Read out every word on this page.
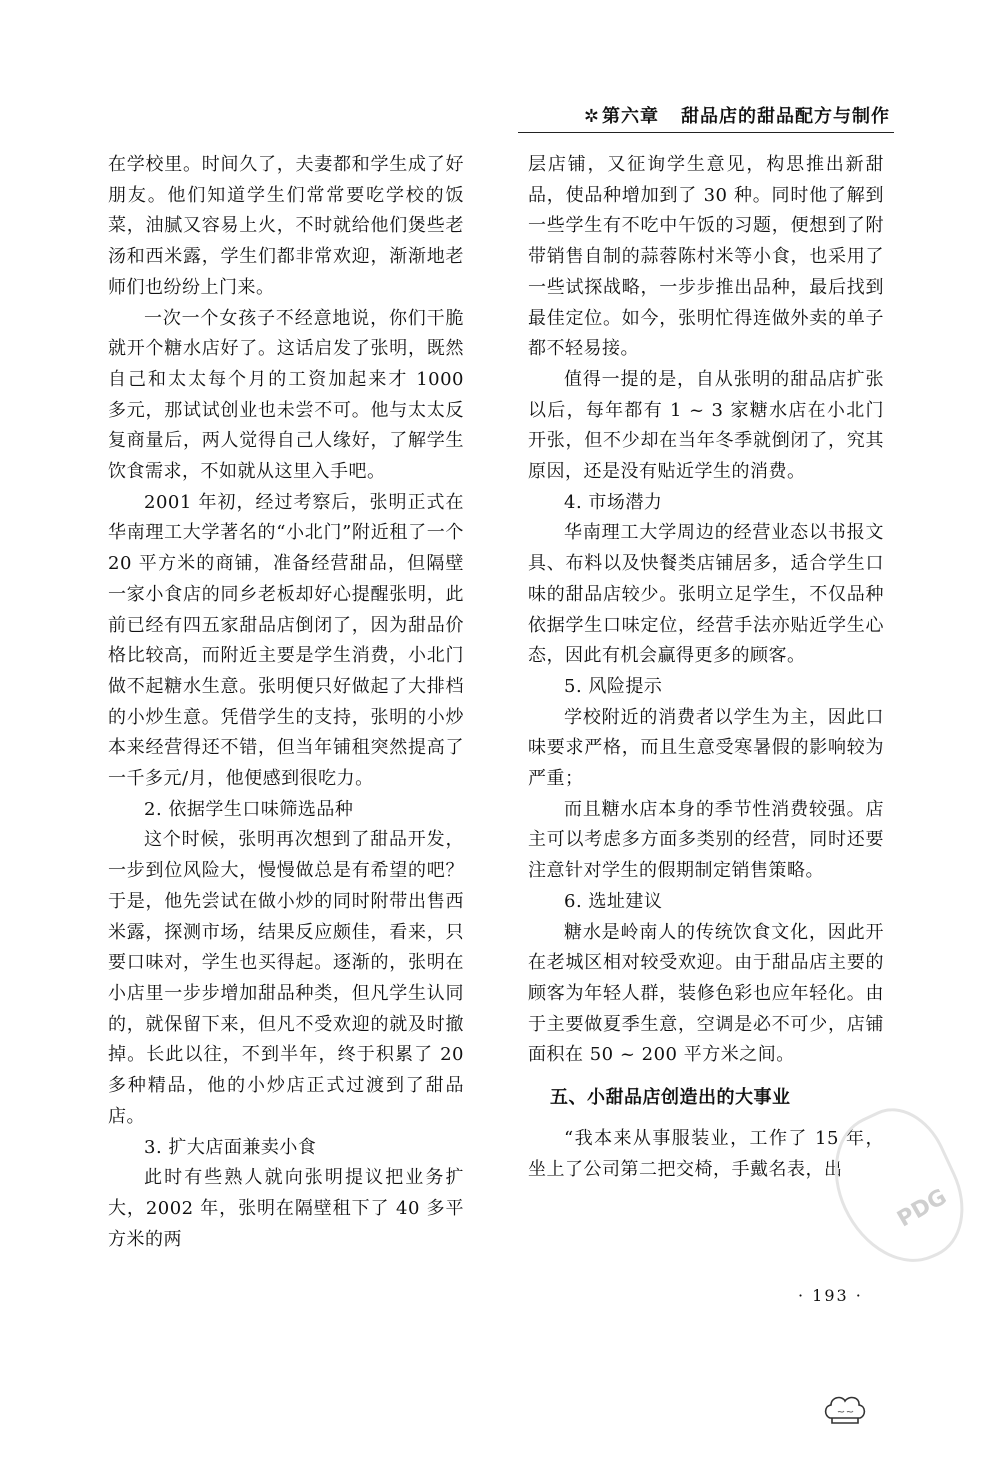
✲ 第六章 甜品店的甜品配方与制作

在学校里。时间久了，夫妻都和学生成了好朋友。他们知道学生们常常要吃学校的饭菜，油腻又容易上火，不时就给他们煲些老汤和西米露，学生们都非常欢迎，渐渐地老师们也纷纷上门来。

一次一个女孩子不经意地说，你们干脆就开个糖水店好了。这话启发了张明，既然自己和太太每个月的工资加起来才 1000 多元，那试试创业也未尝不可。他与太太反复商量后，两人觉得自己人缘好，了解学生饮食需求，不如就从这里入手吧。

2001 年初，经过考察后，张明正式在华南理工大学著名的“小北门”附近租了一个 20 平方米的商铺，准备经营甜品，但隔壁一家小食店的同乡老板却好心提醒张明，此前已经有四五家甜品店倒闭了，因为甜品价格比较高，而附近主要是学生消费，小北门做不起糖水生意。张明便只好做起了大排档的小炒生意。凭借学生的支持，张明的小炒本来经营得还不错，但当年铺租突然提高了一千多元/月，他便感到很吃力。

2. 依据学生口味筛选品种

这个时候，张明再次想到了甜品开发，一步到位风险大，慢慢做总是有希望的吧？于是，他先尝试在做小炒的同时附带出售西米露，探测市场，结果反应颇佳，看来，只要口味对，学生也买得起。逐渐的，张明在小店里一步步增加甜品种类，但凡学生认同的，就保留下来，但凡不受欢迎的就及时撤掉。长此以往，不到半年，终于积累了 20 多种精品，他的小炒店正式过渡到了甜品店。

3. 扩大店面兼卖小食

此时有些熟人就向张明提议把业务扩大，2002 年，张明在隔壁租下了 40 多平方米的两

层店铺，又征询学生意见，构思推出新甜品，使品种增加到了 30 种。同时他了解到一些学生有不吃中午饭的习题，便想到了附带销售自制的蒜蓉陈村米等小食，也采用了一些试探战略，一步步推出品种，最后找到最佳定位。如今，张明忙得连做外卖的单子都不轻易接。

值得一提的是，自从张明的甜品店扩张以后，每年都有 1 ~ 3 家糖水店在小北门开张，但不少却在当年冬季就倒闭了，究其原因，还是没有贴近学生的消费。

4. 市场潜力

华南理工大学周边的经营业态以书报文具、布料以及快餐类店铺居多，适合学生口味的甜品店较少。张明立足学生，不仅品种依据学生口味定位，经营手法亦贴近学生心态，因此有机会赢得更多的顾客。

5. 风险提示

学校附近的消费者以学生为主，因此口味要求严格，而且生意受寒暑假的影响较为严重；

而且糖水店本身的季节性消费较强。店主可以考虑多方面多类别的经营，同时还要注意针对学生的假期制定销售策略。

6. 选址建议

糖水是岭南人的传统饮食文化，因此开在老城区相对较受欢迎。由于甜品店主要的顾客为年轻人群，装修色彩也应年轻化。由于主要做夏季生意，空调是必不可少，店铺面积在 50 ~ 200 平方米之间。

五、小甜品店创造出的大事业

“我本来从事服装业，工作了 15 年，坐上了公司第二把交椅，手戴名表，出

PDG
· 193 ·
